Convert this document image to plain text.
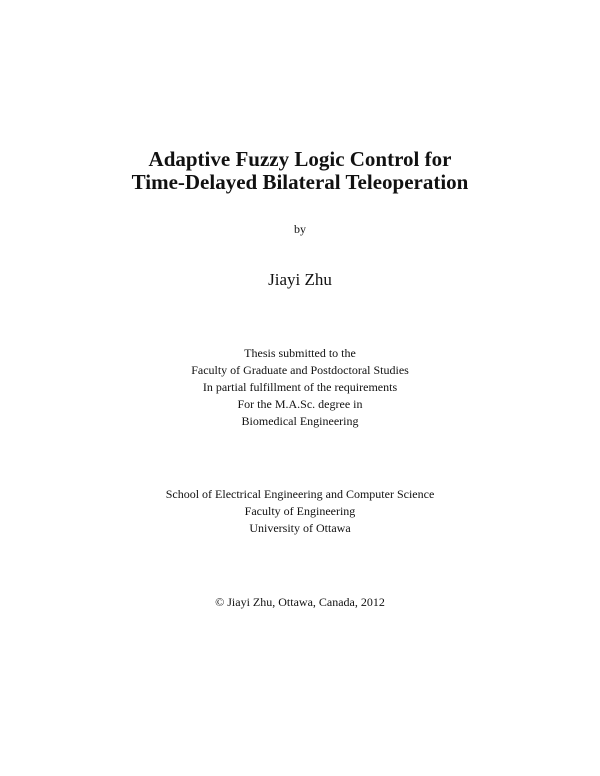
Adaptive Fuzzy Logic Control for
Time-Delayed Bilateral Teleoperation
by
Jiayi Zhu
Thesis submitted to the
Faculty of Graduate and Postdoctoral Studies
In partial fulfillment of the requirements
For the M.A.Sc. degree in
Biomedical Engineering
School of Electrical Engineering and Computer Science
Faculty of Engineering
University of Ottawa
© Jiayi Zhu, Ottawa, Canada, 2012
